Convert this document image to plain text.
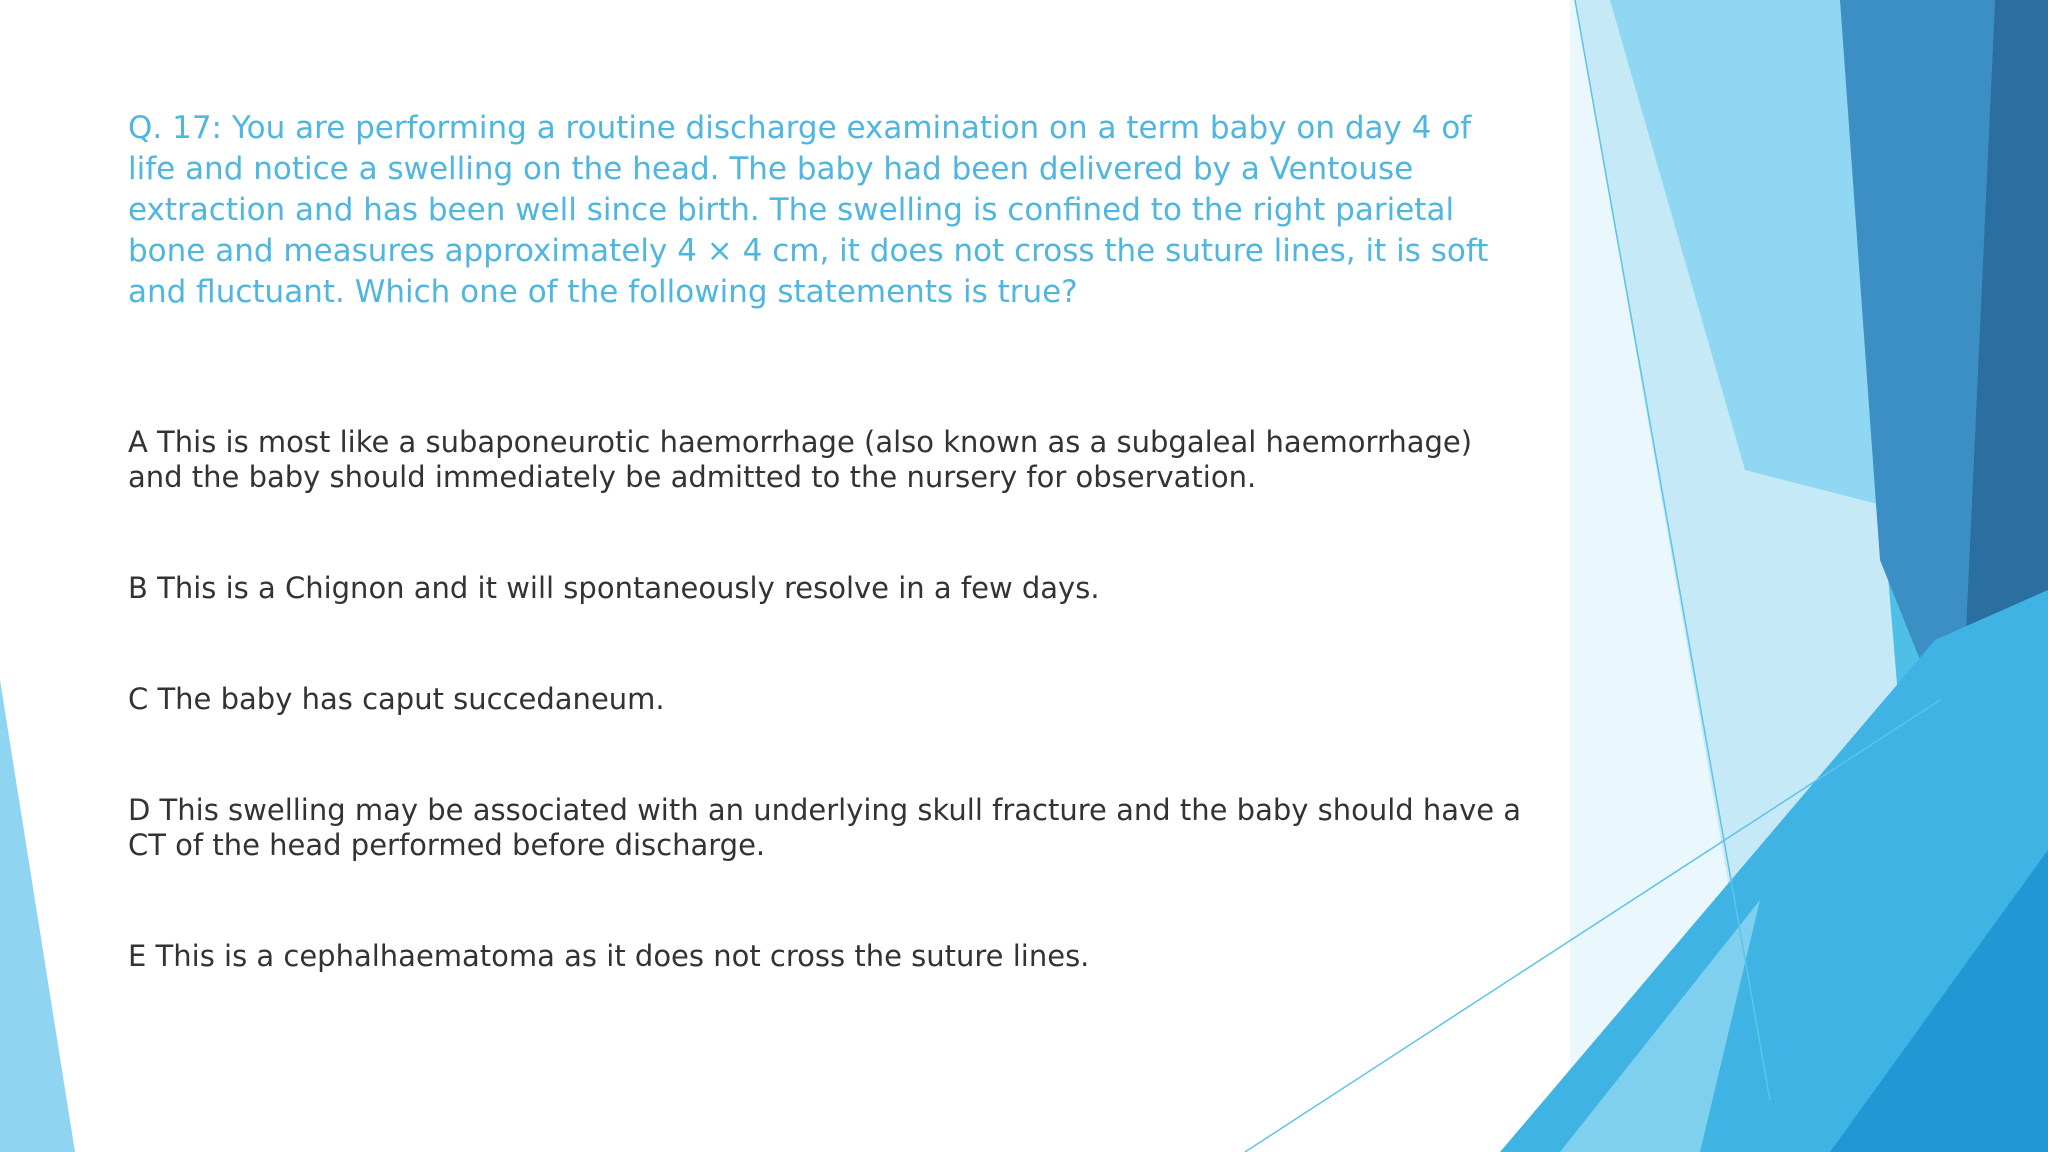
Q. 17: You are performing a routine discharge examination on a term baby on day 4 of life and notice a swelling on the head. The baby had been delivered by a Ventouse extraction and has been well since birth. The swelling is confined to the right parietal bone and measures approximately 4 × 4 cm, it does not cross the suture lines, it is soft and fluctuant. Which one of the following statements is true?

A This is most like a subaponeurotic haemorrhage (also known as a subgaleal haemorrhage) and the baby should immediately be admitted to the nursery for observation.

B This is a Chignon and it will spontaneously resolve in a few days.

C The baby has caput succedaneum.

D This swelling may be associated with an underlying skull fracture and the baby should have a CT of the head performed before discharge.

E This is a cephalhaematoma as it does not cross the suture lines.
